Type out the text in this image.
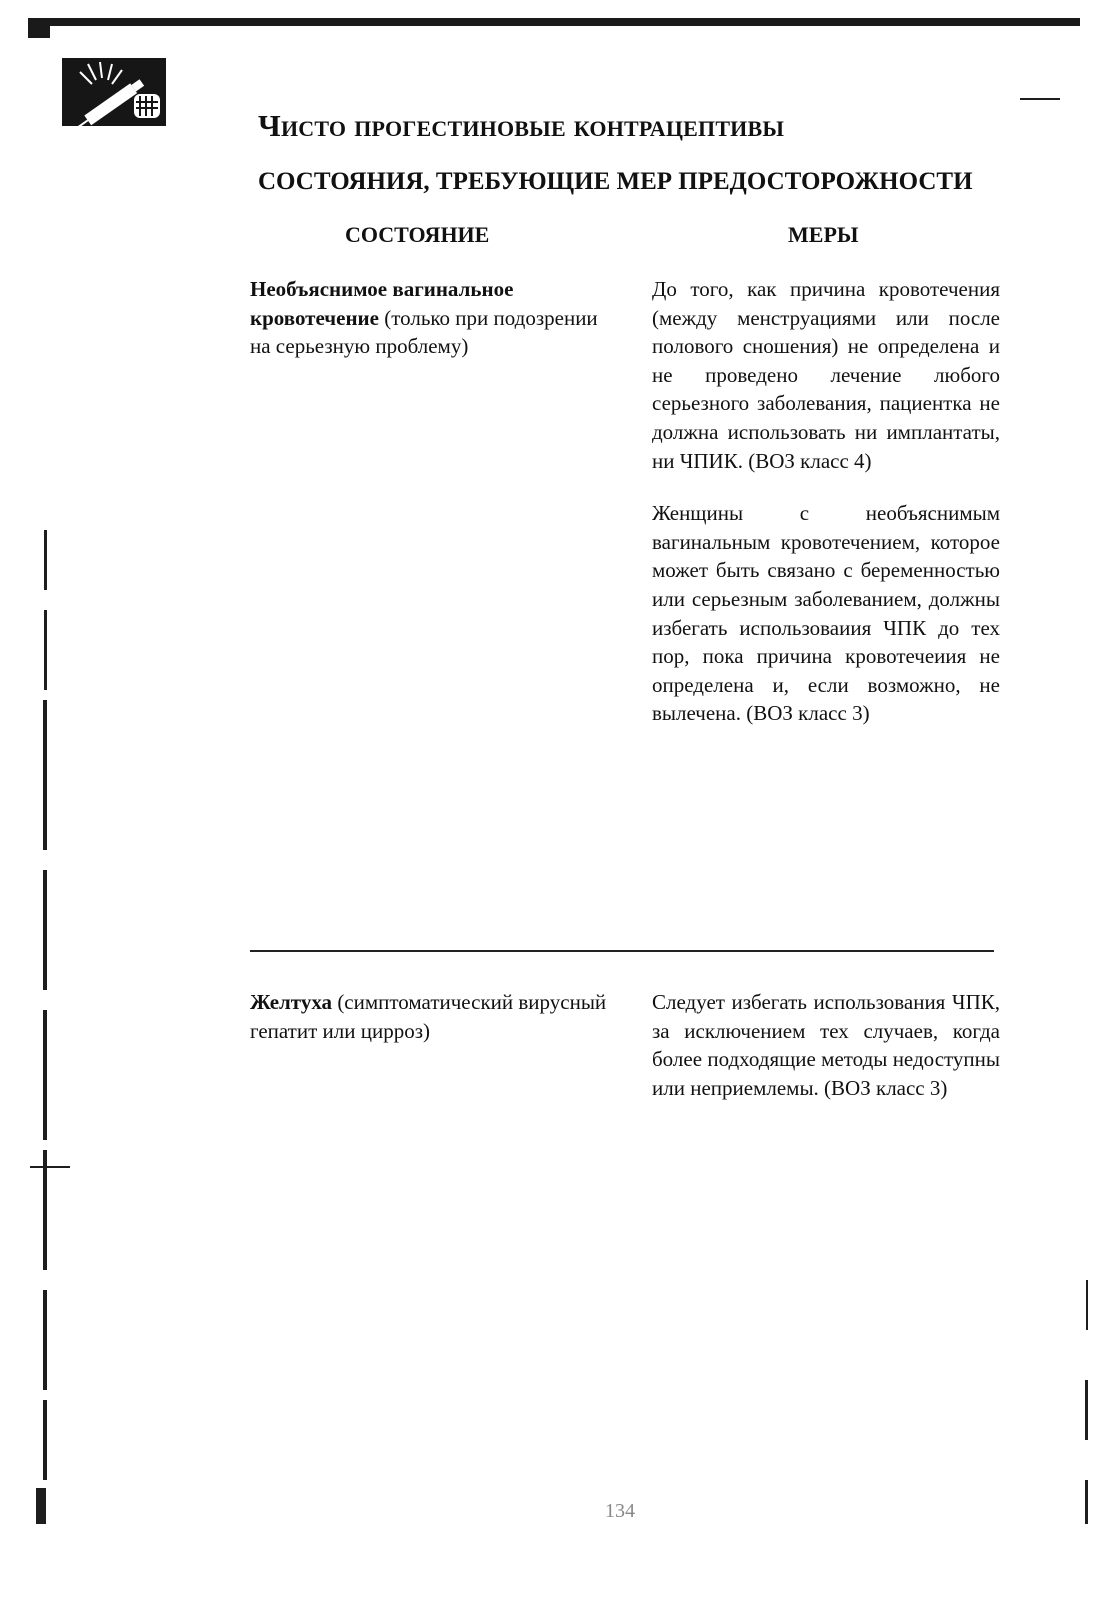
Чисто прогестиновые контрацептивы
СОСТОЯНИЯ, ТРЕБУЮЩИЕ МЕР ПРЕДОСТОРОЖНОСТИ
СОСТОЯНИЕ	МЕРЫ
Необъяснимое вагинальное кровотечение (только при подозрении на серьезную проблему)

До того, как причина кровотечения (между менструациями или после полового сношения) не определена и не проведено лечение любого серьезного заболевания, пациентка не должна использовать ни имплантаты, ни ЧПИК. (ВОЗ класс 4)

Женщины с необъяснимым вагинальным кровотечением, которое может быть связано с беременностью или серьезным заболеванием, должны избегать использоваиия ЧПК до тех пор, пока причина кровотечеиия не определена и, если возможно, не вылечена. (ВОЗ класс 3)

Желтуха (симптоматический вирусный гепатит или цирроз)

Следует избегать использования ЧПК, за исключением тех случаев, когда более подходящие методы недоступны или неприемлемы. (ВОЗ класс 3)

134
